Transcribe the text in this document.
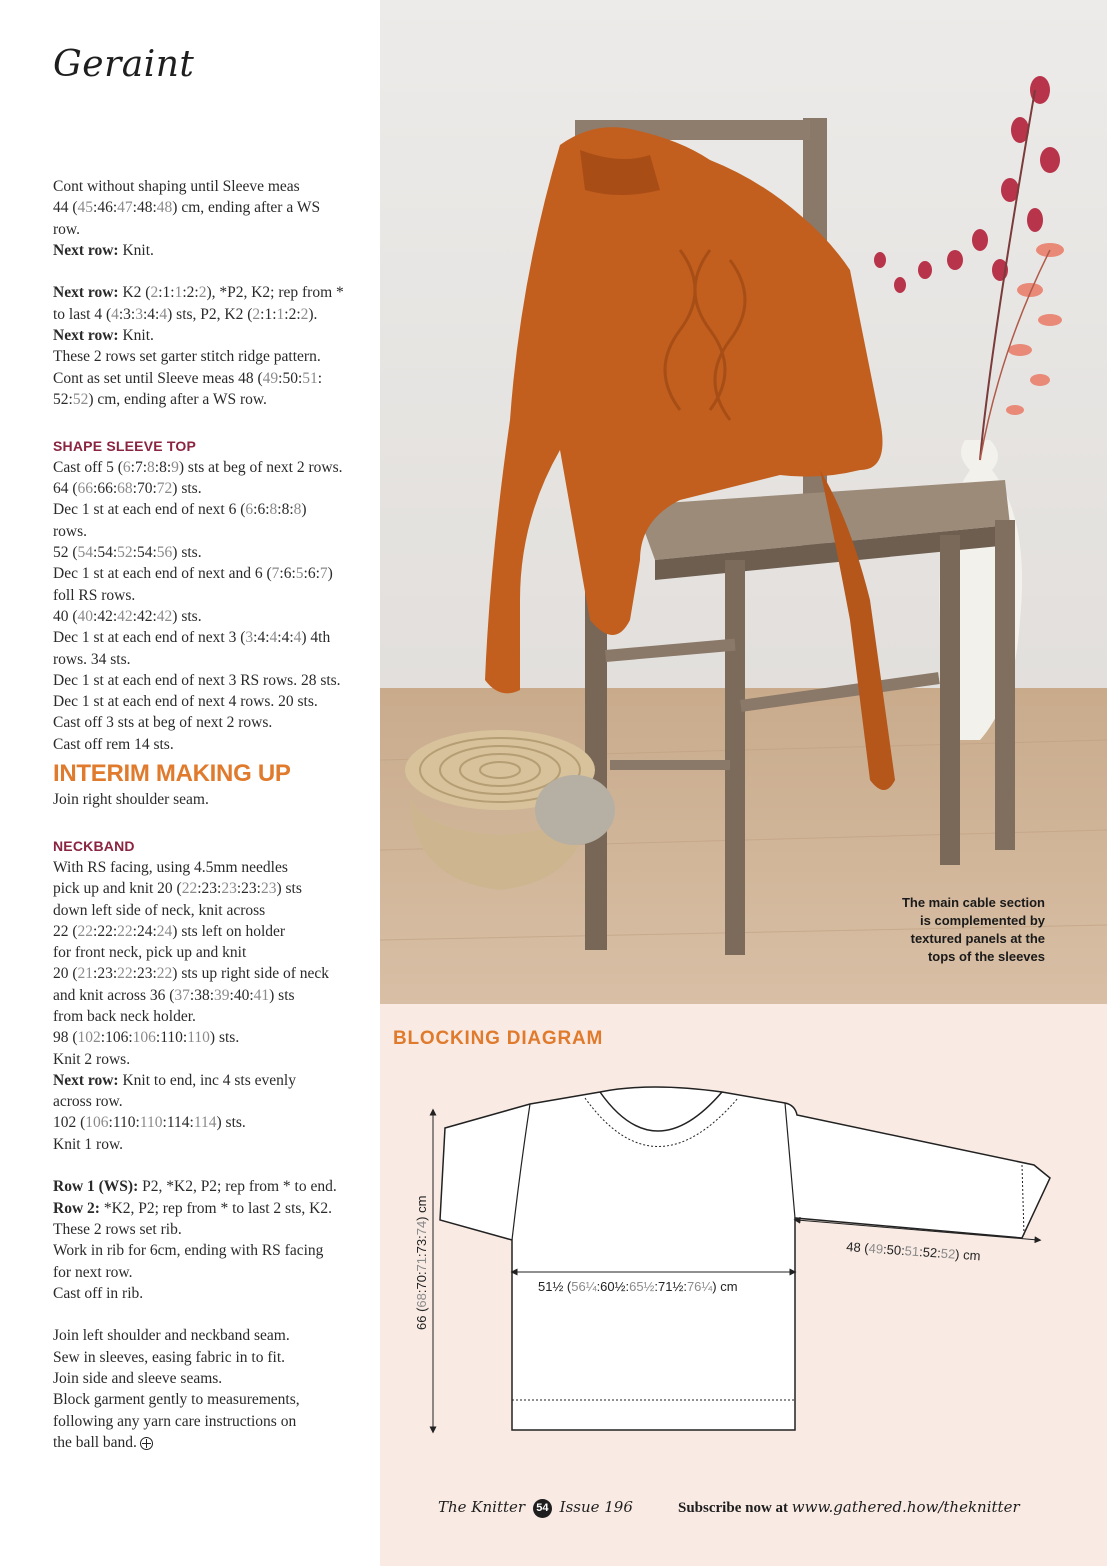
Geraint
Cont without shaping until Sleeve meas
44 (45:46:47:48:48) cm, ending after a WS
row.
Next row: Knit.
Next row: K2 (2:1:1:2:2), *P2, K2; rep from *
to last 4 (4:3:3:4:4) sts, P2, K2 (2:1:1:2:2).
Next row: Knit.
These 2 rows set garter stitch ridge pattern.
Cont as set until Sleeve meas 48 (49:50:51:
52:52) cm, ending after a WS row.
SHAPE SLEEVE TOP
Cast off 5 (6:7:8:8:9) sts at beg of next 2 rows.
64 (66:66:68:70:72) sts.
Dec 1 st at each end of next 6 (6:6:8:8:8)
rows.
52 (54:54:52:54:56) sts.
Dec 1 st at each end of next and 6 (7:6:5:6:7)
foll RS rows.
40 (40:42:42:42:42) sts.
Dec 1 st at each end of next 3 (3:4:4:4:4) 4th
rows. 34 sts.
Dec 1 st at each end of next 3 RS rows. 28 sts.
Dec 1 st at each end of next 4 rows. 20 sts.
Cast off 3 sts at beg of next 2 rows.
Cast off rem 14 sts.
INTERIM MAKING UP
Join right shoulder seam.
NECKBAND
With RS facing, using 4.5mm needles
pick up and knit 20 (22:23:23:23:23) sts
down left side of neck, knit across
22 (22:22:22:24:24) sts left on holder
for front neck, pick up and knit
20 (21:23:22:23:22) sts up right side of neck
and knit across 36 (37:38:39:40:41) sts
from back neck holder.
98 (102:106:106:110:110) sts.
Knit 2 rows.
Next row: Knit to end, inc 4 sts evenly
across row.
102 (106:110:110:114:114) sts.
Knit 1 row.
Row 1 (WS): P2, *K2, P2; rep from * to end.
Row 2: *K2, P2; rep from * to last 2 sts, K2.
These 2 rows set rib.
Work in rib for 6cm, ending with RS facing
for next row.
Cast off in rib.
Join left shoulder and neckband seam.
Sew in sleeves, easing fabric in to fit.
Join side and sleeve seams.
Block garment gently to measurements,
following any yarn care instructions on
the ball band.
The main cable section
is complemented by
textured panels at the
tops of the sleeves
BLOCKING DIAGRAM
66 (68:70:71:73:74) cm
51½ (56¼:60½:65½:71½:76¼) cm
48 (49:50:51:52:52) cm
The Knitter 54 Issue 196	Subscribe now at www.gathered.how/theknitter
